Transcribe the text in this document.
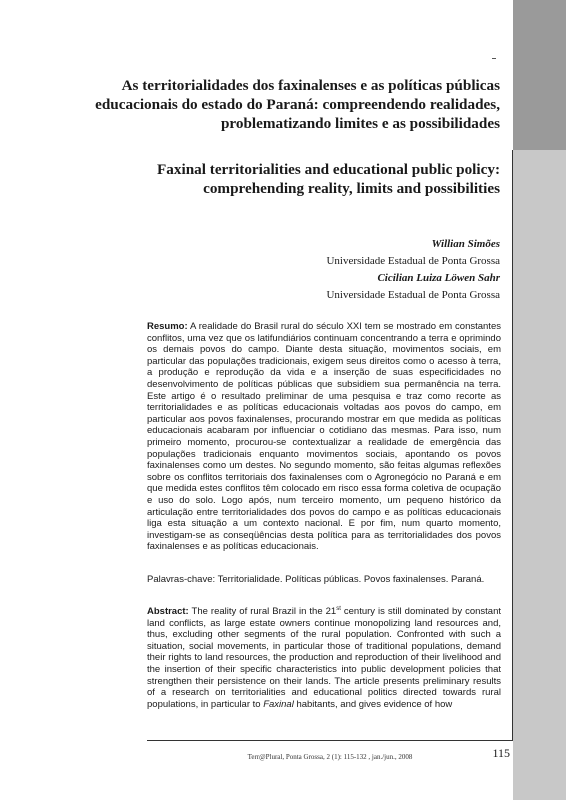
As territorialidades dos faxinalenses e as políticas públicas educacionais do estado do Paraná: compreendendo realidades, problematizando limites e as possibilidades
Faxinal territorialities and educational public policy: comprehending reality, limits and possibilities
Willian Simões
Universidade Estadual de Ponta Grossa
Cicilian Luiza Löwen Sahr
Universidade Estadual de Ponta Grossa
Resumo: A realidade do Brasil rural do século XXI tem se mostrado em constantes conflitos, uma vez que os latifundiários continuam concentrando a terra e oprimindo os demais povos do campo. Diante desta situação, movimentos sociais, em particular das populações tradicionais, exigem seus direitos como o acesso à terra, a produção e reprodução da vida e a inserção de suas especificidades no desenvolvimento de políticas públicas que subsidiem sua permanência na terra. Este artigo é o resultado preliminar de uma pesquisa e traz como recorte as territorialidades e as políticas educacionais voltadas aos povos do campo, em particular aos povos faxinalenses, procurando mostrar em que medida as políticas educacionais acabaram por influenciar o cotidiano das mesmas. Para isso, num primeiro momento, procurou-se contextualizar a realidade de emergência das populações tradicionais enquanto movimentos sociais, apontando os povos faxinalenses como um destes. No segundo momento, são feitas algumas reflexões sobre os conflitos territoriais dos faxinalenses com o Agronegócio no Paraná e em que medida estes conflitos têm colocado em risco essa forma coletiva de ocupação e uso do solo. Logo após, num terceiro momento, um pequeno histórico da articulação entre territorialidades dos povos do campo e as políticas educacionais liga esta situação a um contexto nacional. E por fim, num quarto momento, investigam-se as conseqüências desta política para as territorialidades dos povos faxinalenses e as políticas educacionais.
Palavras-chave: Territorialidade. Políticas públicas. Povos faxinalenses. Paraná.
Abstract: The reality of rural Brazil in the 21st century is still dominated by constant land conflicts, as large estate owners continue monopolizing land resources and, thus, excluding other segments of the rural population. Confronted with such a situation, social movements, in particular those of traditional populations, demand their rights to land resources, the production and reproduction of their livelihood and the insertion of their specific characteristics into public development policies that strengthen their persistence on their lands. The article presents preliminary results of a research on territorialities and educational politics directed towards rural populations, in particular to Faxinal habitants, and gives evidence of how
Terr@Plural, Ponta Grossa, 2 (1): 115-132 , jan./jun., 2008	115
